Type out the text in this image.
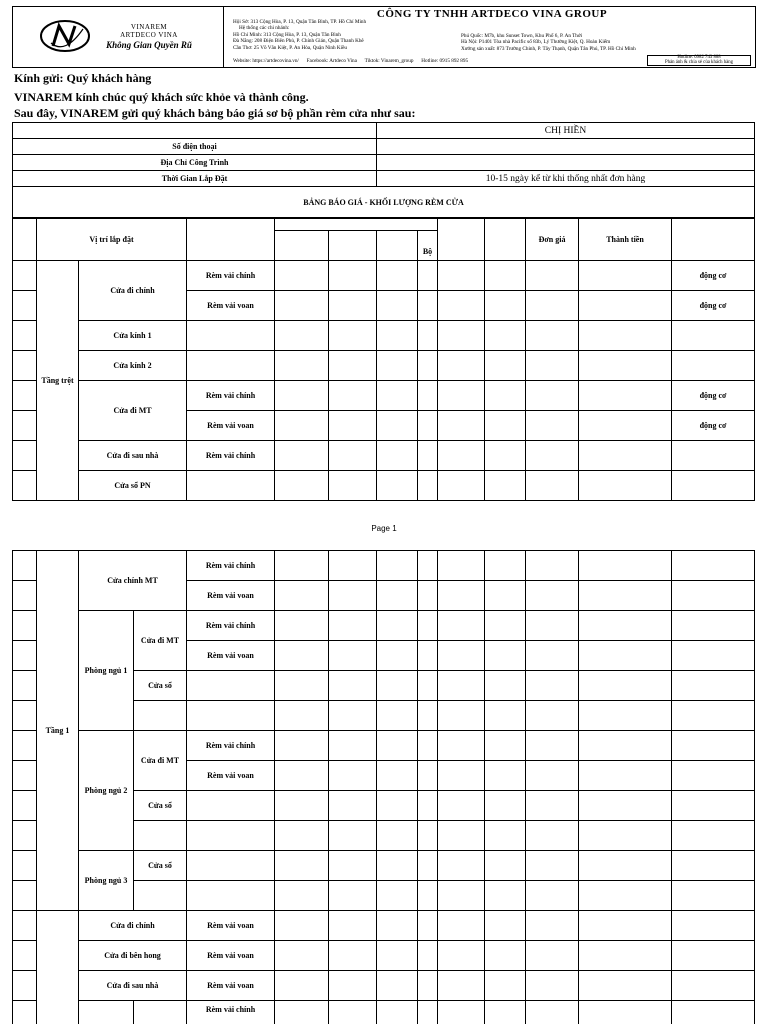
VINAREM
ARTDECO VINA
Không Gian Quyền Rũ
CÔNG TY TNHH ARTDECO VINA GROUP
Hội Sở: 313 Cộng Hòa, P. 13, Quận Tân Bình, TP. Hồ Chí Minh
Hệ thống các chi nhánh:
Hồ Chí Minh: 313 Cộng Hòa, P. 13, Quận Tân Bình
Đà Nẵng: 208 Điện Biên Phủ, P. Chính Gián, Quận Thanh Khê
Cần Thơ: 25 Võ Văn Kiệt, P. An Hòa, Quận Ninh Kiều
Phú Quốc: M7b, khu Sunset Town, Khu Phố 6, P. An Thới
Hà Nội: P1401 Tòa nhà Pacific số 83b, Lý Thường Kiệt, Q. Hoàn Kiếm
Xưởng sản xuất: 873 Trường Chinh, P. Tây Thạnh, Quận Tân Phú, TP. Hồ Chí Minh
Website: https://artdecovina.vn/ Facebook: Artdeco Vina Tiktok: Vinarem_group Hotline: 0915 892 895
Hotline: 0982 743 888
Phản ánh & chia sẻ của khách hàng
Kính gửi: Quý khách hàng
VINAREM kính chúc quý khách sức khỏe và thành công.
Sau đây, VINAREM gửi quý khách bảng báo giá sơ bộ phần rèm cửa như sau:
	CHỊ HIỀN
Số điện thoại	
Địa Chỉ Công Trình	
Thời Gian Lắp Đặt	10-15 ngày kể từ khi thống nhất đơn hàng
BẢNG BÁO GIÁ - KHỐI LƯỢNG RÈM CỬA	
	Vị trí lắp đặt									Đơn giá	Thành tiền	
							Bộ					
	Tầng trệt	Cửa đi chính	Rèm vải chính									động cơ
			Rèm vải voan									động cơ
		Cửa kính 1										
		Cửa kính 2										
		Cửa đi MT	Rèm vải chính									động cơ
			Rèm vải voan									động cơ
		Cửa đi sau nhà	Rèm vải chính									
		Cửa sổ PN										
Page 1
	Tầng 1	Cửa chính MT		Rèm vải chính									
				Rèm vải voan									
		Phòng ngủ 1	Cửa đi MT	Rèm vải chính									
				Rèm vải voan									
			Cửa sổ										

		Phòng ngủ 2	Cửa đi MT	Rèm vải chính									
				Rèm vải voan									
			Cửa sổ										

		Phòng ngủ 3	Cửa sổ										

		Cửa đi chính		Rèm vải voan									
		Cửa đi bên hong		Rèm vải voan									
		Cửa đi sau nhà		Rèm vải voan									
				Rèm vải chính									
